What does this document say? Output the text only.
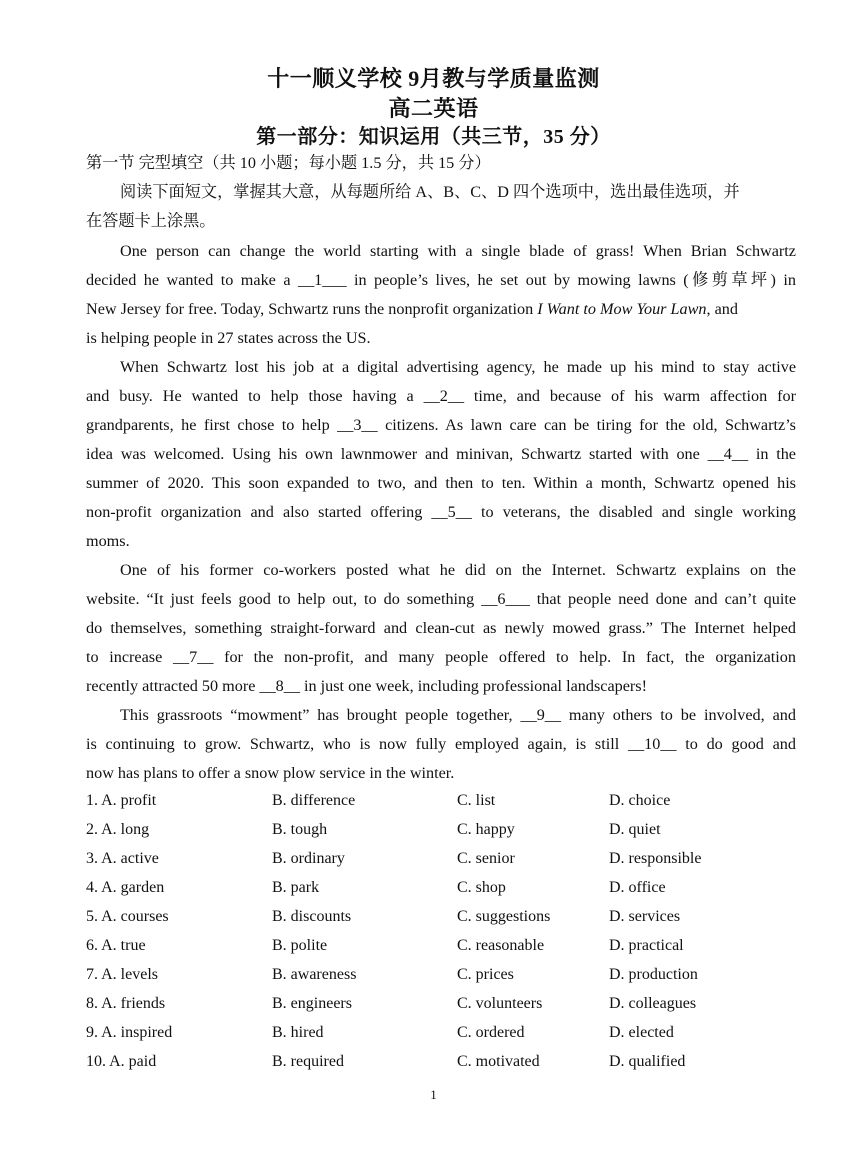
十一顺义学校 9月教与学质量监测
高二英语
第一部分：知识运用（共三节，35 分）
第一节 完型填空（共 10 小题；每小题 1.5 分，共 15 分）
阅读下面短文，掌握其大意，从每题所给 A、B、C、D 四个选项中，选出最佳选项，并
在答题卡上涂黑。
One person can change the world starting with a single blade of grass! When Brian Schwartz
decided he wanted to make a __1___ in people’s lives, he set out by mowing lawns (修剪草坪) in
New Jersey for free. Today, Schwartz runs the nonprofit organization I Want to Mow Your Lawn, and
is helping people in 27 states across the US.
When Schwartz lost his job at a digital advertising agency, he made up his mind to stay active
and busy. He wanted to help those having a __2__ time, and because of his warm affection for
grandparents, he first chose to help __3__ citizens. As lawn care can be tiring for the old, Schwartz’s
idea was welcomed. Using his own lawnmower and minivan, Schwartz started with one __4__ in the
summer of 2020. This soon expanded to two, and then to ten. Within a month, Schwartz opened his
non-profit organization and also started offering __5__ to veterans, the disabled and single working
moms.
One of his former co-workers posted what he did on the Internet. Schwartz explains on the
website. “It just feels good to help out, to do something __6___ that people need done and can’t quite
do themselves, something straight-forward and clean-cut as newly mowed grass.” The Internet helped
to increase __7__ for the non-profit, and many people offered to help. In fact, the organization
recently attracted 50 more __8__ in just one week, including professional landscapers!
This grassroots “mowment” has brought people together, __9__ many others to be involved, and
is continuing to grow. Schwartz, who is now fully employed again, is still __10__ to do good and
now has plans to offer a snow plow service in the winter.
1. A. profit	B. difference	C. list	D. choice
2. A. long	B. tough	C. happy	D. quiet
3. A. active	B. ordinary	C. senior	D. responsible
4. A. garden	B. park	C. shop	D. office
5. A. courses	B. discounts	C. suggestions	D. services
6. A. true	B. polite	C. reasonable	D. practical
7. A. levels	B. awareness	C. prices	D. production
8. A. friends	B. engineers	C. volunteers	D. colleagues
9. A. inspired	B. hired	C. ordered	D. elected
10. A. paid	B. required	C. motivated	D. qualified
1
